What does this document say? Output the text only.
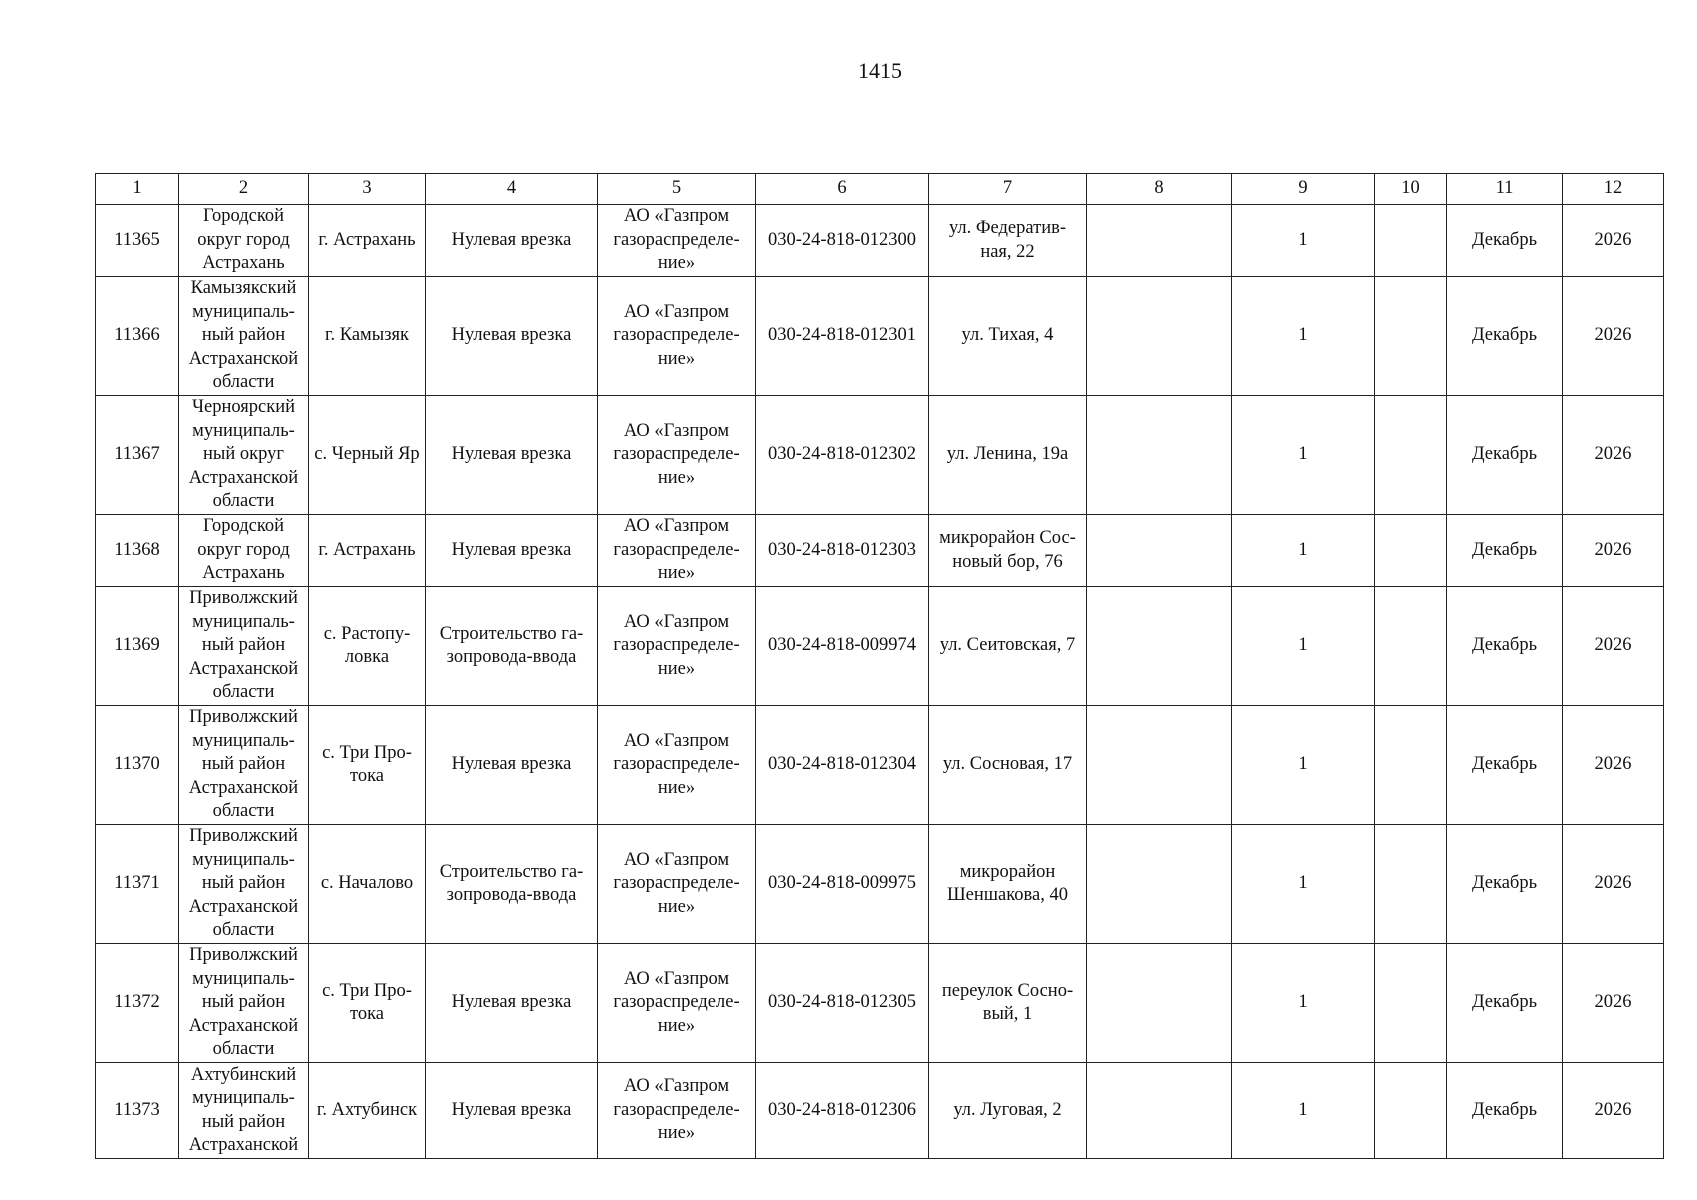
1415
1	2	3	4	5	6	7	8	9	10	11	12
11365	Городской
округ город
Астрахань	г. Астрахань	Нулевая врезка	АО «Газпром
газораспределе-
ние»	030-24-818-012300	ул. Федератив-
ная, 22		1		Декабрь	2026
11366	Камызякский
муниципаль-
ный район
Астраханской
области	г. Камызяк	Нулевая врезка	АО «Газпром
газораспределе-
ние»	030-24-818-012301	ул. Тихая, 4		1		Декабрь	2026
11367	Черноярский
муниципаль-
ный округ
Астраханской
области	с. Черный Яр	Нулевая врезка	АО «Газпром
газораспределе-
ние»	030-24-818-012302	ул. Ленина, 19а		1		Декабрь	2026
11368	Городской
округ город
Астрахань	г. Астрахань	Нулевая врезка	АО «Газпром
газораспределе-
ние»	030-24-818-012303	микрорайон Сос-
новый бор, 76		1		Декабрь	2026
11369	Приволжский
муниципаль-
ный район
Астраханской
области	с. Растопу-
ловка	Строительство га-
зопровода-ввода	АО «Газпром
газораспределе-
ние»	030-24-818-009974	ул. Сеитовская, 7		1		Декабрь	2026
11370	Приволжский
муниципаль-
ный район
Астраханской
области	с. Три Про-
тока	Нулевая врезка	АО «Газпром
газораспределе-
ние»	030-24-818-012304	ул. Сосновая, 17		1		Декабрь	2026
11371	Приволжский
муниципаль-
ный район
Астраханской
области	с. Началово	Строительство га-
зопровода-ввода	АО «Газпром
газораспределе-
ние»	030-24-818-009975	микрорайон
Шеншакова, 40		1		Декабрь	2026
11372	Приволжский
муниципаль-
ный район
Астраханской
области	с. Три Про-
тока	Нулевая врезка	АО «Газпром
газораспределе-
ние»	030-24-818-012305	переулок Сосно-
вый, 1		1		Декабрь	2026
11373	Ахтубинский
муниципаль-
ный район
Астраханской	г. Ахтубинск	Нулевая врезка	АО «Газпром
газораспределе-
ние»	030-24-818-012306	ул. Луговая, 2		1		Декабрь	2026
